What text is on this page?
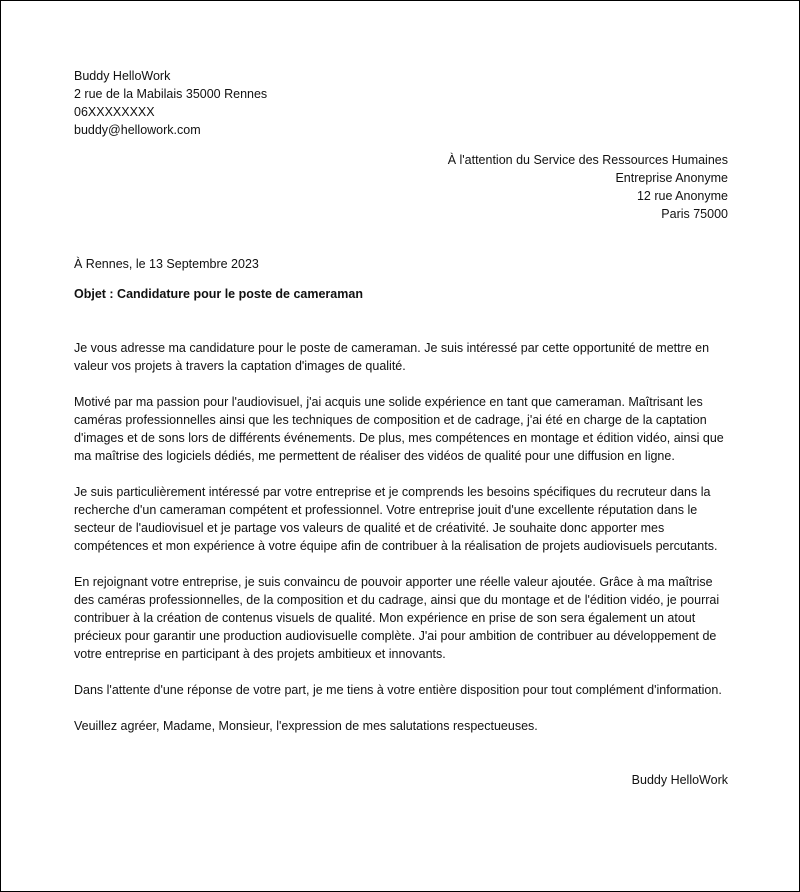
Buddy HelloWork
2 rue de la Mabilais 35000 Rennes
06XXXXXXXX
buddy@hellowork.com
À l'attention du Service des Ressources Humaines
Entreprise Anonyme
12 rue Anonyme
Paris 75000
À Rennes, le 13 Septembre 2023
Objet : Candidature pour le poste de cameraman

Je vous adresse ma candidature pour le poste de cameraman. Je suis intéressé par cette opportunité de mettre en valeur vos projets à travers la captation d'images de qualité.

Motivé par ma passion pour l'audiovisuel, j'ai acquis une solide expérience en tant que cameraman. Maîtrisant les caméras professionnelles ainsi que les techniques de composition et de cadrage, j'ai été en charge de la captation d'images et de sons lors de différents événements. De plus, mes compétences en montage et édition vidéo, ainsi que ma maîtrise des logiciels dédiés, me permettent de réaliser des vidéos de qualité pour une diffusion en ligne.

Je suis particulièrement intéressé par votre entreprise et je comprends les besoins spécifiques du recruteur dans la recherche d'un cameraman compétent et professionnel. Votre entreprise jouit d'une excellente réputation dans le secteur de l'audiovisuel et je partage vos valeurs de qualité et de créativité. Je souhaite donc apporter mes compétences et mon expérience à votre équipe afin de contribuer à la réalisation de projets audiovisuels percutants.

En rejoignant votre entreprise, je suis convaincu de pouvoir apporter une réelle valeur ajoutée. Grâce à ma maîtrise des caméras professionnelles, de la composition et du cadrage, ainsi que du montage et de l'édition vidéo, je pourrai contribuer à la création de contenus visuels de qualité. Mon expérience en prise de son sera également un atout précieux pour garantir une production audiovisuelle complète. J'ai pour ambition de contribuer au développement de votre entreprise en participant à des projets ambitieux et innovants.

Dans l'attente d'une réponse de votre part, je me tiens à votre entière disposition pour tout complément d'information.

Veuillez agréer, Madame, Monsieur, l'expression de mes salutations respectueuses.

Buddy HelloWork
